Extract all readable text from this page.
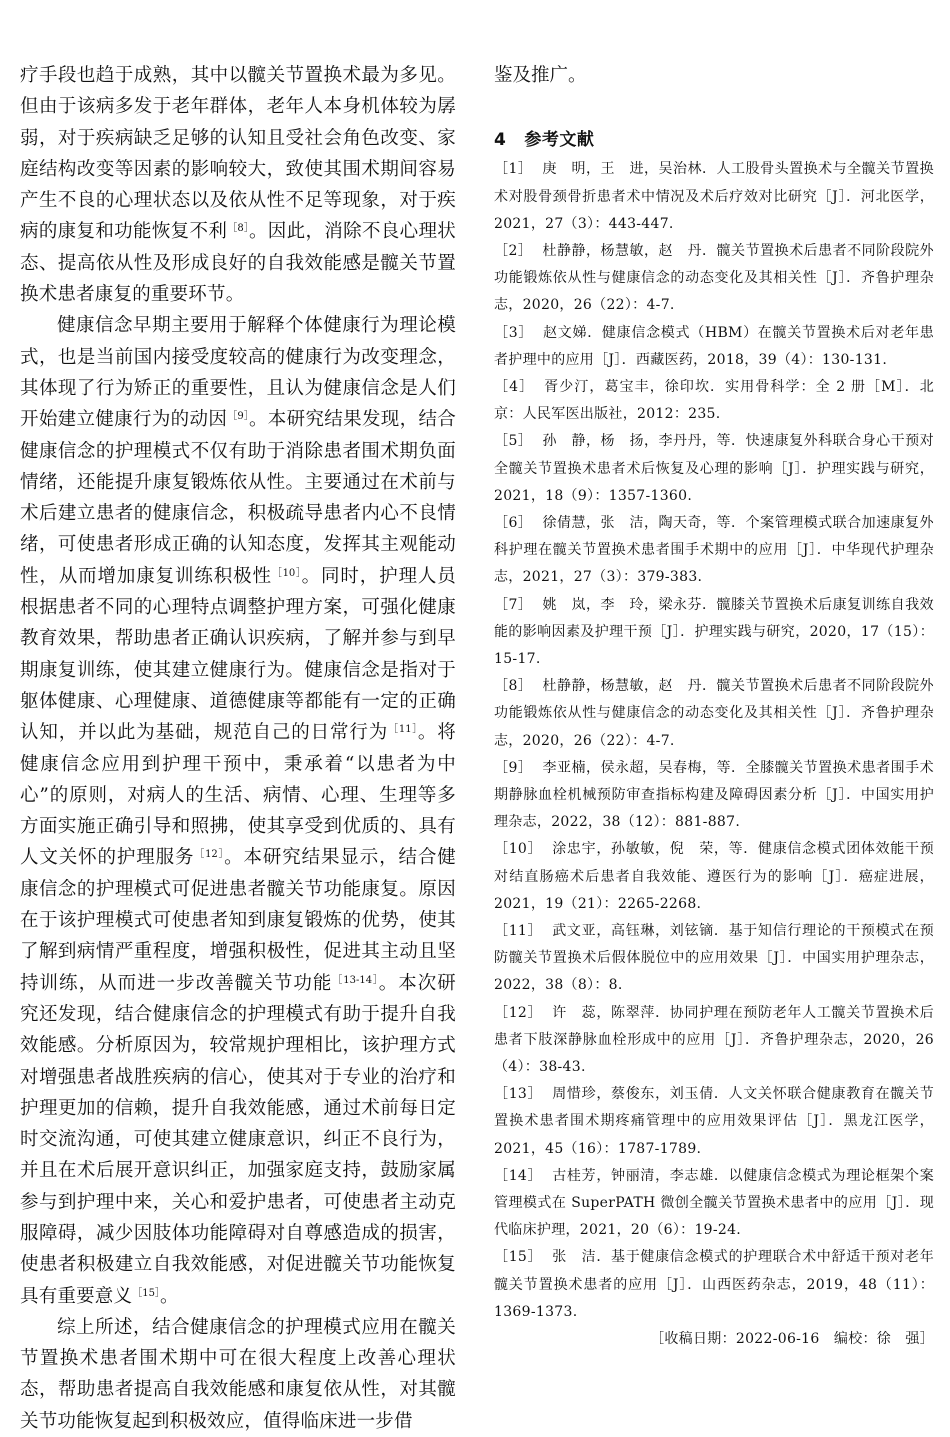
疗手段也趋于成熟，其中以髋关节置换术最为多见。但由于该病多发于老年群体，老年人本身机体较为孱弱，对于疾病缺乏足够的认知且受社会角色改变、家庭结构改变等因素的影响较大，致使其围术期间容易产生不良的心理状态以及依从性不足等现象，对于疾病的康复和功能恢复不利$^{[8]}$。因此，消除不良心理状态、提高依从性及形成良好的自我效能感是髋关节置换术患者康复的重要环节。

健康信念早期主要用于解释个体健康行为理论模式，也是当前国内接受度较高的健康行为改变理念，其体现了行为矫正的重要性，且认为健康信念是人们开始建立健康行为的动因$^{[9]}$。本研究结果发现，结合健康信念的护理模式不仅有助于消除患者围术期负面情绪，还能提升康复锻炼依从性。主要通过在术前与术后建立患者的健康信念，积极疏导患者内心不良情绪，可使患者形成正确的认知态度，发挥其主观能动性，从而增加康复训练积极性$^{[10]}$。同时，护理人员根据患者不同的心理特点调整护理方案，可强化健康教育效果，帮助患者正确认识疾病，了解并参与到早期康复训练，使其建立健康行为。健康信念是指对于躯体健康、心理健康、道德健康等都能有一定的正确认知，并以此为基础，规范自己的日常行为$^{[11]}$。将健康信念应用到护理干预中，秉承着“以患者为中心”的原则，对病人的生活、病情、心理、生理等多方面实施正确引导和照拂，使其享受到优质的、具有人文关怀的护理服务$^{[12]}$。本研究结果显示，结合健康信念的护理模式可促进患者髋关节功能康复。原因在于该护理模式可使患者知到康复锻炼的优势，使其了解到病情严重程度，增强积极性，促进其主动且坚持训练，从而进一步改善髋关节功能$^{[13-14]}$。本次研究还发现，结合健康信念的护理模式有助于提升自我效能感。分析原因为，较常规护理相比，该护理方式对增强患者战胜疾病的信心，使其对于专业的治疗和护理更加的信赖，提升自我效能感，通过术前每日定时交流沟通，可使其建立健康意识，纠正不良行为，并且在术后展开意识纠正，加强家庭支持，鼓励家属参与到护理中来，关心和爱护患者，可使患者主动克服障碍，减少因肢体功能障碍对自尊感造成的损害，使患者积极建立自我效能感，对促进髋关节功能恢复具有重要意义$^{[15]}$。

综上所述，结合健康信念的护理模式应用在髋关节置换术患者围术期中可在很大程度上改善心理状态，帮助患者提高自我效能感和康复依从性，对其髋关节功能恢复起到积极效应，值得临床进一步借

鉴及推广。

4 参考文献
［1］ 庚　明，王　进，吴治林．人工股骨头置换术与全髋关节置换术对股骨颈骨折患者术中情况及术后疗效对比研究［J］．河北医学，2021，27（3）：443-447.
［2］ 杜静静，杨慧敏，赵　丹．髋关节置换术后患者不同阶段院外功能锻炼依从性与健康信念的动态变化及其相关性［J］．齐鲁护理杂志，2020，26（22）：4-7.
［3］ 赵文娣．健康信念模式（HBM）在髋关节置换术后对老年患者护理中的应用［J］．西藏医药，2018，39（4）：130-131.
［4］ 胥少汀，葛宝丰，徐印坎．实用骨科学：全 2 册［M］．北京：人民军医出版社，2012：235.
［5］ 孙　静，杨　扬，李丹丹，等．快速康复外科联合身心干预对全髋关节置换术患者术后恢复及心理的影响［J］．护理实践与研究，2021，18（9）：1357-1360.
［6］ 徐倩慧，张　洁，陶天奇，等．个案管理模式联合加速康复外科护理在髋关节置换术患者围手术期中的应用［J］．中华现代护理杂志，2021，27（3）：379-383.
［7］ 姚　岚，李　玲，梁永芬．髋膝关节置换术后康复训练自我效能的影响因素及护理干预［J］．护理实践与研究，2020，17（15）：15-17.
［8］ 杜静静，杨慧敏，赵　丹．髋关节置换术后患者不同阶段院外功能锻炼依从性与健康信念的动态变化及其相关性［J］．齐鲁护理杂志，2020，26（22）：4-7.
［9］ 李亚楠，侯永超，吴春梅，等．全膝髋关节置换术患者围手术期静脉血栓机械预防审查指标构建及障碍因素分析［J］．中国实用护理杂志，2022，38（12）：881-887.
［10］ 涂忠宇，孙敏敏，倪　荣，等．健康信念模式团体效能干预对结直肠癌术后患者自我效能、遵医行为的影响［J］．癌症进展，2021，19（21）：2265-2268.
［11］ 武文亚，高钰琳，刘铉镝．基于知信行理论的干预模式在预防髋关节置换术后假体脱位中的应用效果［J］．中国实用护理杂志，2022，38（8）：8.
［12］ 许　蕊，陈翠萍．协同护理在预防老年人工髋关节置换术后患者下肢深静脉血栓形成中的应用［J］．齐鲁护理杂志，2020，26（4）：38-43.
［13］ 周惜珍，蔡俊东，刘玉倩．人文关怀联合健康教育在髋关节置换术患者围术期疼痛管理中的应用效果评估［J］．黑龙江医学，2021，45（16）：1787-1789.
［14］ 古桂芳，钟丽清，李志雄．以健康信念模式为理论框架个案管理模式在 SuperPATH 微创全髋关节置换术患者中的应用［J］．现代临床护理，2021，20（6）：19-24.
［15］ 张　洁．基于健康信念模式的护理联合术中舒适干预对老年髋关节置换术患者的应用［J］．山西医药杂志，2019，48（11）：1369-1373.
［收稿日期：2022-06-16　编校：徐　强］
